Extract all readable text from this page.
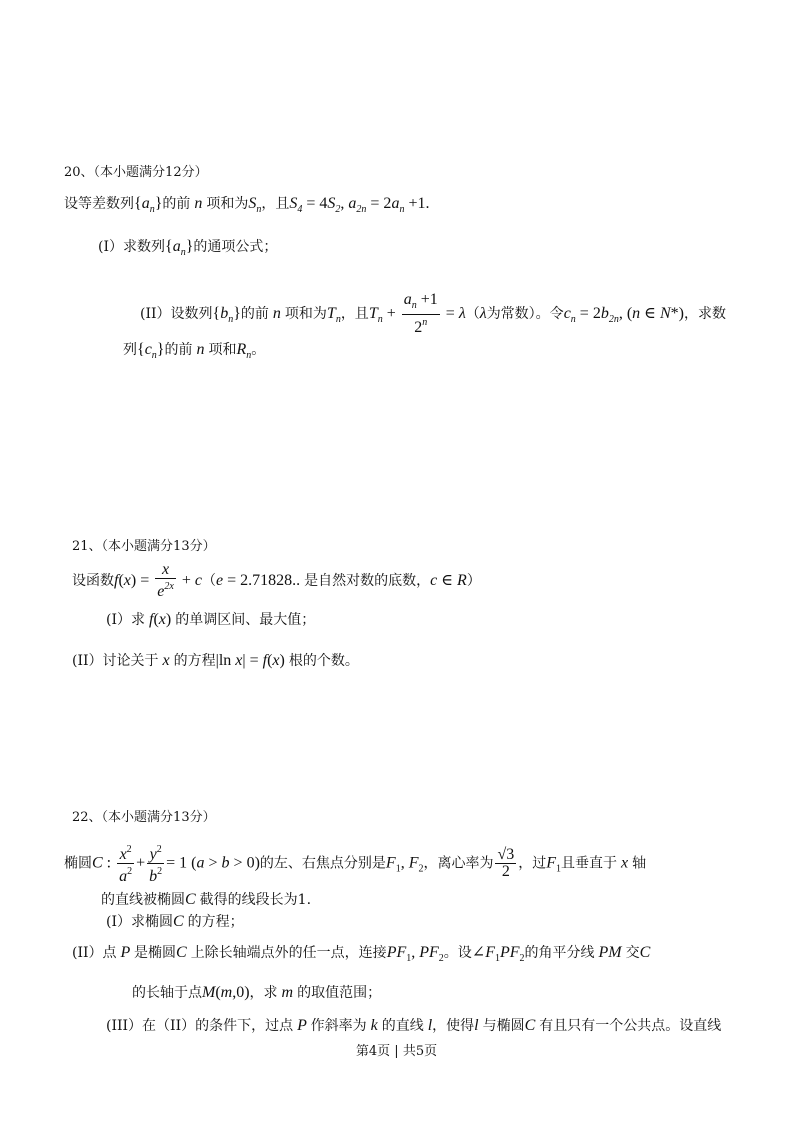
20、（本小题满分12分）
设等差数列$\{a_n\}$的前 n 项和为$S_n$，且$S_4 = 4S_2$, $a_{2n} = 2a_n +1$.
(I）求数列$\{a_n\}$的通项公式；
(II）设数列$\{b_n\}$的前 n 项和为$T_n$，且$T_n + \frac{a_n +1}{2^n} = \lambda(\lambda$为常数）。令$c_n = 2b_{2n}$, (n ∈ N*)，求数
列$\{c_n\}$的前 n 项和$R_n$。
21、（本小题满分13分）
设函数$f(x) = \frac{x}{e^{2x}} + c(e = 2.71828$.. 是自然对数的底数，c ∈ R）
(I）求 f(x) 的单调区间、最大值；
(II）讨论关于 x 的方程|ln x| = f(x) 根的个数。
22、（本小题满分13分）
椭圆C : $\frac{x^2}{a^2} + \frac{y^2}{b^2} = 1$ (a > b > 0)的左、右焦点分别是$F_1$, $F_2$，离心率为 $\frac{√3}{2}$ ，过$F_1$且垂直于 x 轴
的直线被椭圆C 截得的线段长为1.
(I）求椭圆C 的方程；
(II）点 P 是椭圆C 上除长轴端点外的任一点，连接$PF_1$, $PF_2$。设$\angle F_1PF_2$的角平分线 PM 交C
的长轴于点M(m,0)，求 m 的取值范围；
(III）在（II）的条件下，过点 P 作斜率为 k 的直线 l，使得l 与椭圆C 有且只有一个公共点。设直线
第4页 | 共5页
